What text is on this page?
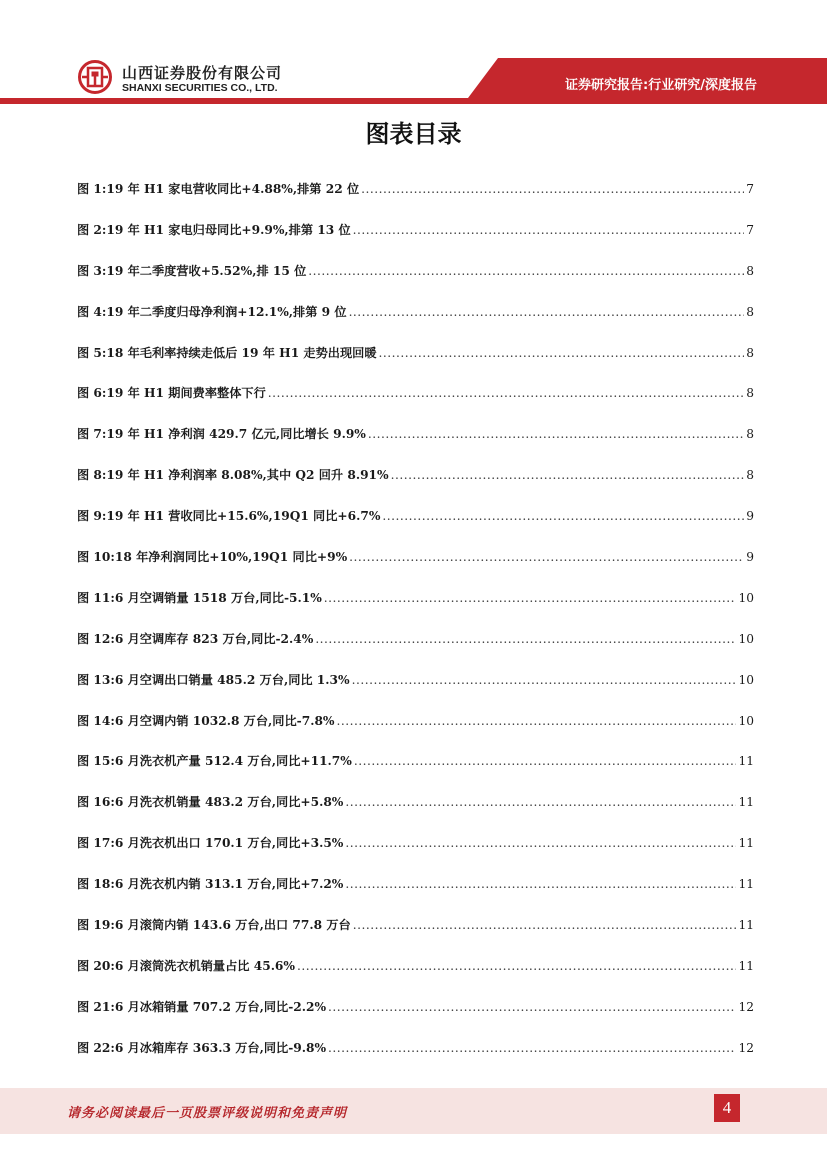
山西证券股份有限公司
SHANXI SECURITIES CO., LTD.	证券研究报告:行业研究/深度报告
图表目录
图 1:19 年 H1 家电营收同比+4.88%,排第 22 位 .....	7
图 2:19 年 H1 家电归母同比+9.9%,排第 13 位 .....	7
图 3:19 年二季度营收+5.52%,排 15 位 .....	8
图 4:19 年二季度归母净利润+12.1%,排第 9 位 .....	8
图 5:18 年毛利率持续走低后 19 年 H1 走势出现回暖 .....	8
图 6:19 年 H1 期间费率整体下行 .....	8
图 7:19 年 H1 净利润 429.7 亿元,同比增长 9.9% .....	8
图 8:19 年 H1 净利润率 8.08%,其中 Q2 回升 8.91% .....	8
图 9:19 年 H1 营收同比+15.6%,19Q1 同比+6.7% .....	9
图 10:18 年净利润同比+10%,19Q1 同比+9% .....	9
图 11:6 月空调销量 1518 万台,同比-5.1% .....	10
图 12:6 月空调库存 823 万台,同比-2.4% .....	10
图 13:6 月空调出口销量 485.2 万台,同比 1.3% .....	10
图 14:6 月空调内销 1032.8 万台,同比-7.8% .....	10
图 15:6 月洗衣机产量 512.4 万台,同比+11.7% .....	11
图 16:6 月洗衣机销量 483.2 万台,同比+5.8% .....	11
图 17:6 月洗衣机出口 170.1 万台,同比+3.5% .....	11
图 18:6 月洗衣机内销 313.1 万台,同比+7.2% .....	11
图 19:6 月滚筒内销 143.6 万台,出口 77.8 万台 .....	11
图 20:6 月滚筒洗衣机销量占比 45.6% .....	11
图 21:6 月冰箱销量 707.2 万台,同比-2.2% .....	12
图 22:6 月冰箱库存 363.3 万台,同比-9.8% .....	12
请务必阅读最后一页股票评级说明和免责声明	4
